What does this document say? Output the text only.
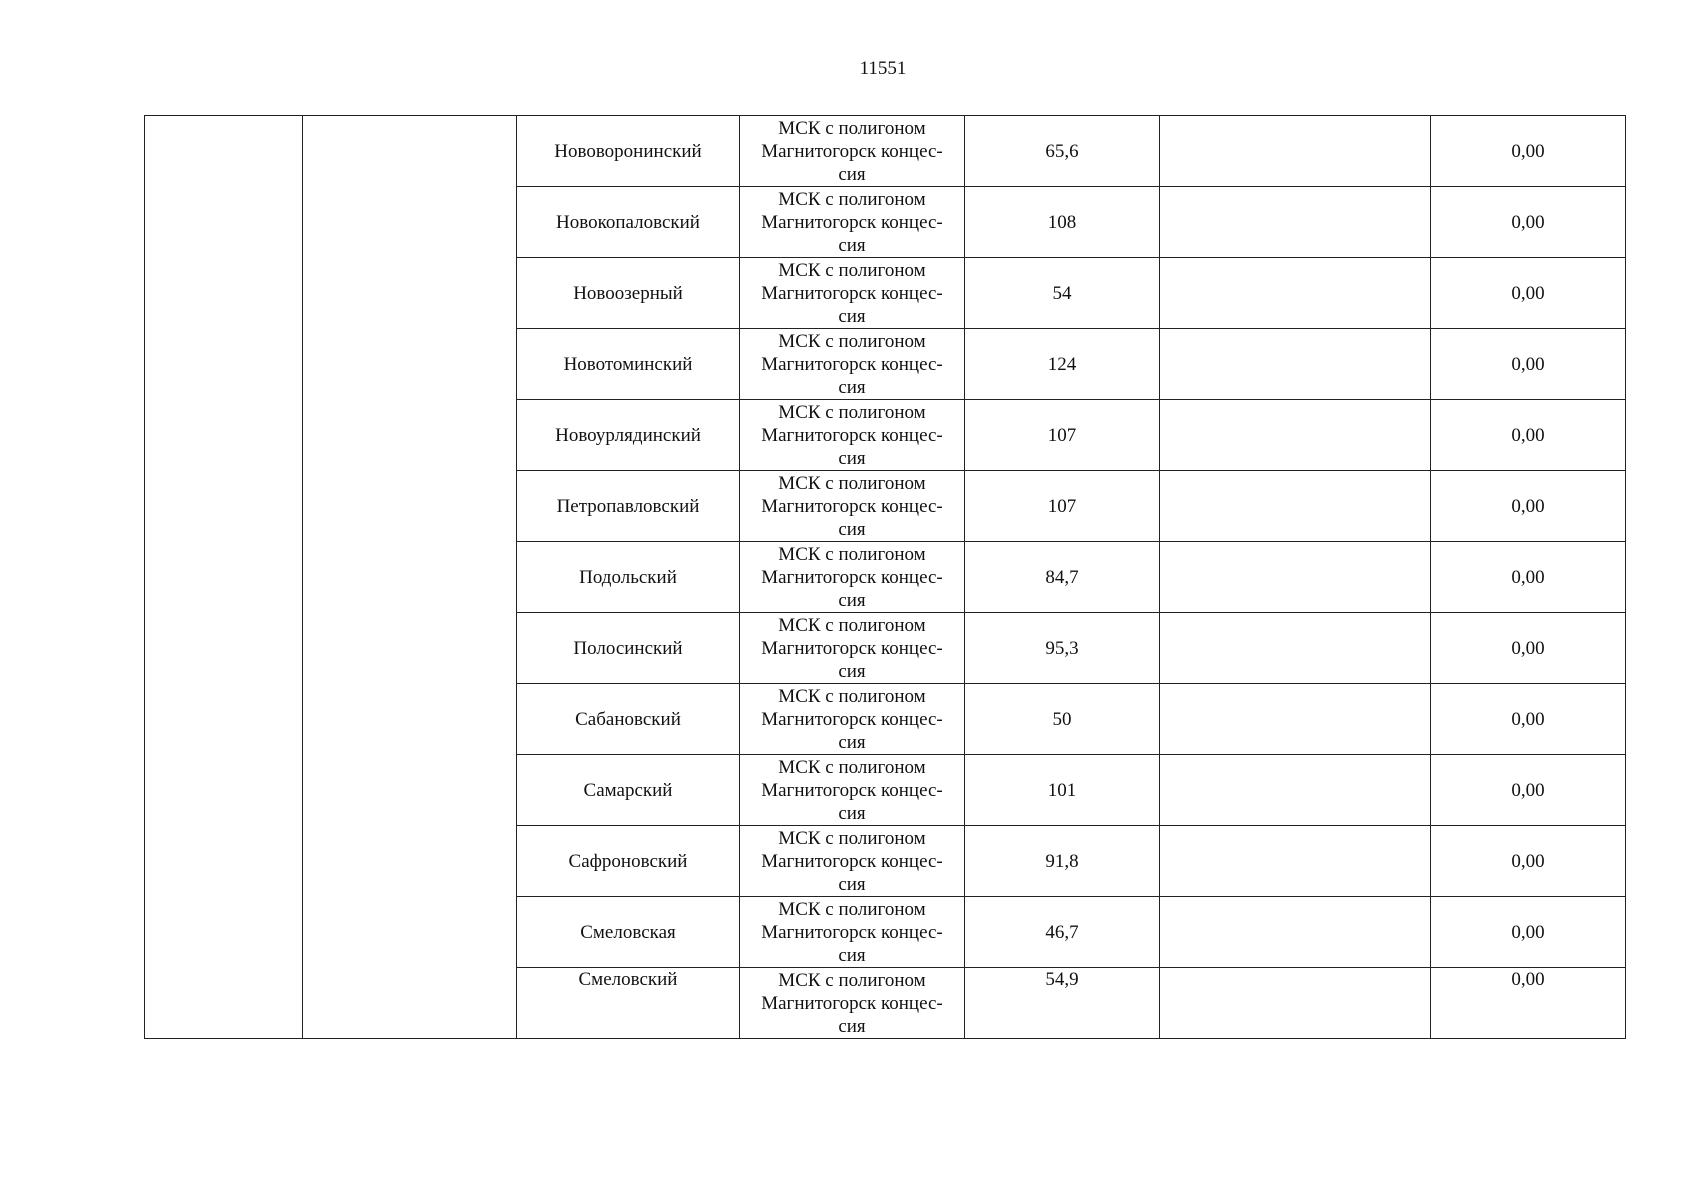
11551
		Нововоронинский	МСК с полигоном
Магнитогорск концес-
сия	65,6		0,00
		Новокопаловский	МСК с полигоном
Магнитогорск концес-
сия	108		0,00
		Новоозерный	МСК с полигоном
Магнитогорск концес-
сия	54		0,00
		Новотоминский	МСК с полигоном
Магнитогорск концес-
сия	124		0,00
		Новоурлядинский	МСК с полигоном
Магнитогорск концес-
сия	107		0,00
		Петропавловский	МСК с полигоном
Магнитогорск концес-
сия	107		0,00
		Подольский	МСК с полигоном
Магнитогорск концес-
сия	84,7		0,00
		Полосинский	МСК с полигоном
Магнитогорск концес-
сия	95,3		0,00
		Сабановский	МСК с полигоном
Магнитогорск концес-
сия	50		0,00
		Самарский	МСК с полигоном
Магнитогорск концес-
сия	101		0,00
		Сафроновский	МСК с полигоном
Магнитогорск концес-
сия	91,8		0,00
		Смеловская	МСК с полигоном
Магнитогорск концес-
сия	46,7		0,00
		Смеловский	МСК с полигоном
Магнитогорск концес-
сия	54,9		0,00
